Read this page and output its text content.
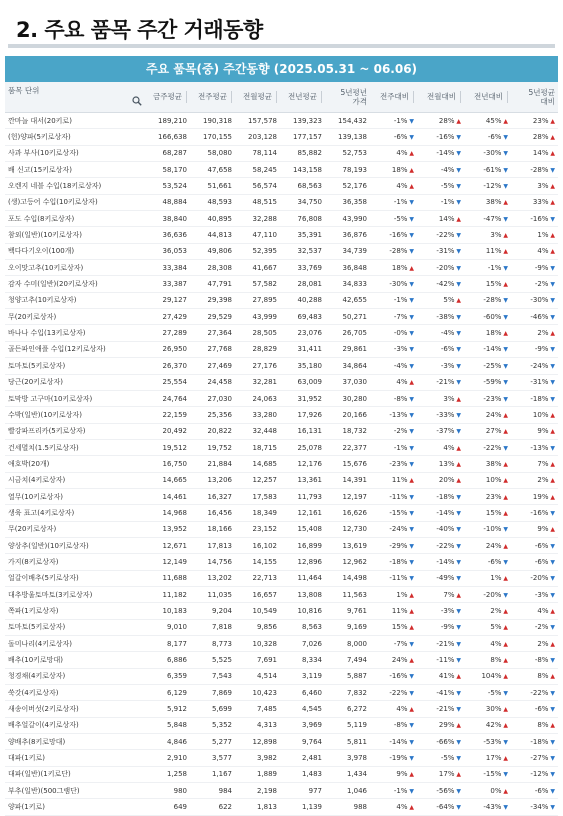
2. 주요 품목 주간 거래동향
주요 품목(중) 주간동향 (2025.05.31 ~ 06.06)
품목 단위	금주평균	전주평균	전월평균	전년평균	5년평년
가격	전주대비	전월대비	전년대비	5년평균
대비
깐마늘 대서(20키로)	189,210	190,318	157,578	139,323	154,432	-1% ▼	28% ▲	45% ▲	23% ▲
(헌)양파(5키로상자)	166,638	170,155	203,128	177,157	139,138	-6% ▼	-16% ▼	-6% ▼	28% ▲
사과 부사(10키로상자)	68,287	58,080	78,114	85,882	52,753	4% ▲	-14% ▼	-30% ▼	14% ▲
배 신고(15키로상자)	58,170	47,658	58,245	143,158	78,193	18% ▲	-4% ▼	-61% ▼	-28% ▼
오렌지 네블 수입(18키로상자)	53,524	51,661	56,574	68,563	52,176	4% ▲	-5% ▼	-12% ▼	3% ▲
(생)고등어 수입(10키로상자)	48,884	48,593	48,515	34,750	36,358	-1% ▼	-1% ▼	38% ▲	33% ▲
포도 수입(8키로상자)	38,840	40,895	32,288	76,808	43,990	-5% ▼	14% ▲	-47% ▼	-16% ▼
참외(일반)(10키로상자)	36,636	44,813	47,110	35,391	36,876	-16% ▼	-22% ▼	3% ▲	1% ▲
백다다기오이(100개)	36,053	49,806	52,395	32,537	34,739	-28% ▼	-31% ▼	11% ▲	4% ▲
오이맛고추(10키로상자)	33,384	28,308	41,667	33,769	36,848	18% ▲	-20% ▼	-1% ▼	-9% ▼
감자 수미(일반)(20키로상자)	33,387	47,791	57,582	28,081	34,833	-30% ▼	-42% ▼	15% ▲	-2% ▼
청양고추(10키로상자)	29,127	29,398	27,895	40,288	42,655	-1% ▼	5% ▲	-28% ▼	-30% ▼
무(20키로상자)	27,429	29,529	43,999	69,483	50,271	-7% ▼	-38% ▼	-60% ▼	-46% ▼
바나나 수입(13키로상자)	27,289	27,364	28,505	23,076	26,705	-0% ▼	-4% ▼	18% ▲	2% ▲
골든파인애플 수입(12키로상자)	26,950	27,768	28,829	31,411	29,861	-3% ▼	-6% ▼	-14% ▼	-9% ▼
토마토(5키로상자)	26,370	27,469	27,176	35,180	34,864	-4% ▼	-3% ▼	-25% ▼	-24% ▼
당근(20키로상자)	25,554	24,458	32,281	63,009	37,030	4% ▲	-21% ▼	-59% ▼	-31% ▼
토막방 고구마(10키로상자)	24,764	27,030	24,063	31,952	30,280	-8% ▼	3% ▲	-23% ▼	-18% ▼
수박(일반)(10키로상자)	22,159	25,356	33,280	17,926	20,166	-13% ▼	-33% ▼	24% ▲	10% ▲
빨강파프리카(5키로상자)	20,492	20,822	32,448	16,131	18,732	-2% ▼	-37% ▼	27% ▲	9% ▲
건세멸치(1.5키로상자)	19,512	19,752	18,715	25,078	22,377	-1% ▼	4% ▲	-22% ▼	-13% ▼
애호박(20개)	16,750	21,884	14,685	12,176	15,676	-23% ▼	13% ▲	38% ▲	7% ▲
시금치(4키로상자)	14,665	13,206	12,257	13,361	14,391	11% ▲	20% ▲	10% ▲	2% ▲
열무(10키로상자)	14,461	16,327	17,583	11,793	12,197	-11% ▼	-18% ▼	23% ▲	19% ▲
생육 표고(4키로상자)	14,968	16,456	18,349	12,161	16,626	-15% ▼	-14% ▼	15% ▲	-16% ▼
무(20키로상자)	13,952	18,166	23,152	15,408	12,730	-24% ▼	-40% ▼	-10% ▼	9% ▲
양상추(일반)(10키로상자)	12,671	17,813	16,102	16,899	13,619	-29% ▼	-22% ▼	24% ▲	-6% ▼
가지(8키로상자)	12,149	14,756	14,155	12,896	12,962	-18% ▼	-14% ▼	-6% ▼	-6% ▼
얼갈이배추(5키로상자)	11,688	13,202	22,713	11,464	14,498	-11% ▼	-49% ▼	1% ▲	-20% ▼
대추방울토마토(3키로상자)	11,182	11,035	16,657	13,808	11,563	1% ▲	7% ▲	-20% ▼	-3% ▼
쪽파(1키로상자)	10,183	9,204	10,549	10,816	9,761	11% ▲	-3% ▼	2% ▲	4% ▲
토마토(5키로상자)	9,010	7,818	9,856	8,563	9,169	15% ▲	-9% ▼	5% ▲	-2% ▼
돌미나리(4키로상자)	8,177	8,773	10,328	7,026	8,000	-7% ▼	-21% ▼	4% ▲	2% ▲
배추(10키로망대)	6,886	5,525	7,691	8,334	7,494	24% ▲	-11% ▼	8% ▲	-8% ▼
청경채(4키로상자)	6,359	7,543	4,514	3,119	5,887	-16% ▼	41% ▲	104% ▲	8% ▲
쑥갓(4키로상자)	6,129	7,869	10,423	6,460	7,832	-22% ▼	-41% ▼	-5% ▼	-22% ▼
새송이버섯(2키로상자)	5,912	5,699	7,485	4,545	6,272	4% ▲	-21% ▼	30% ▲	-6% ▼
배추얼갈이(4키로상자)	5,848	5,352	4,313	3,969	5,119	-8% ▼	29% ▲	42% ▲	8% ▲
양배추(8키로망대)	4,846	5,277	12,898	9,764	5,811	-14% ▼	-66% ▼	-53% ▼	-18% ▼
대파(1키로)	2,910	3,577	3,982	2,481	3,978	-19% ▼	-5% ▼	17% ▲	-27% ▼
대파(일반)(1키로단)	1,258	1,167	1,889	1,483	1,434	9% ▲	17% ▲	-15% ▼	-12% ▼
부추(일반)(500그램단)	980	984	2,198	977	1,046	-1% ▼	-56% ▼	0% ▲	-6% ▼
양파(1키로)	649	622	1,813	1,139	988	4% ▲	-64% ▼	-43% ▼	-34% ▼
